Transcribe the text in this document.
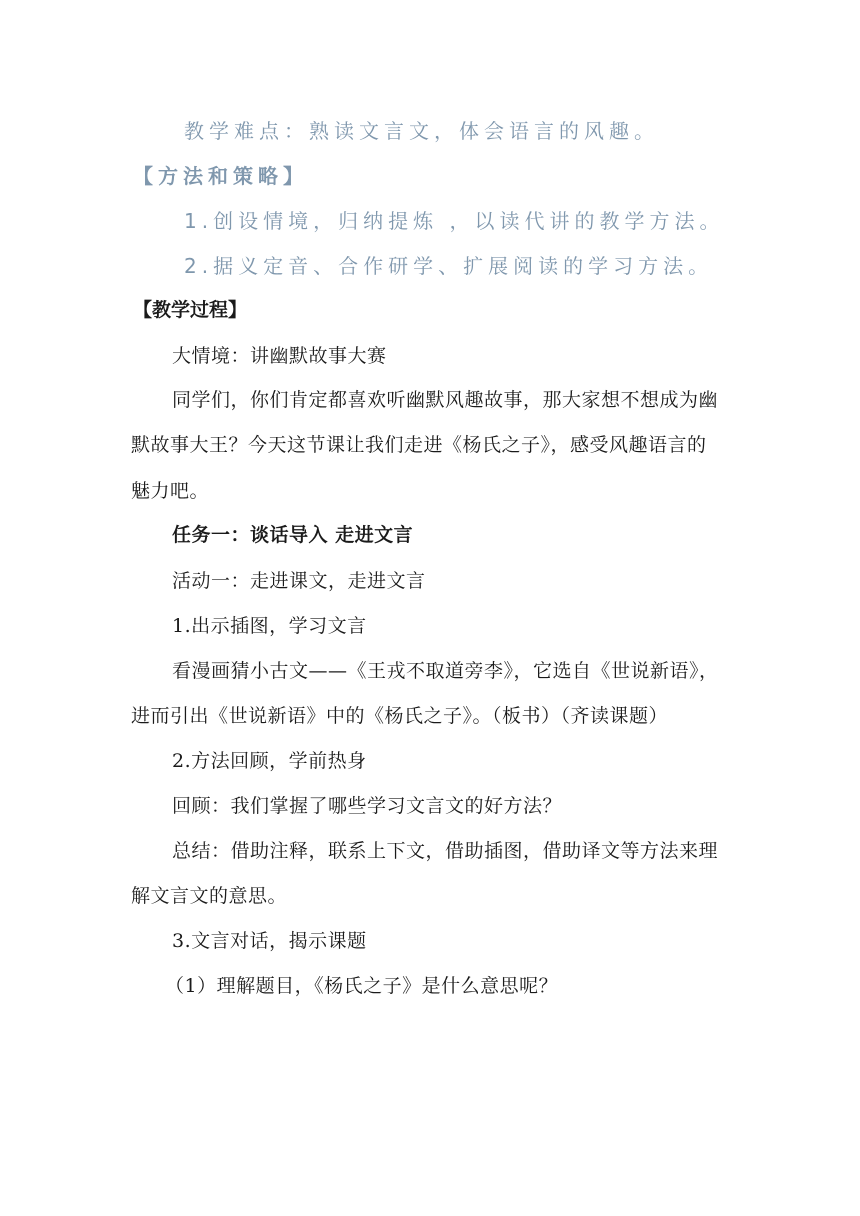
教学难点：熟读文言文，体会语言的风趣。

【方法和策略】

1.创设情境，归纳提炼 ，以读代讲的教学方法。

2.据义定音、合作研学、扩展阅读的学习方法。

【教学过程】

大情境：讲幽默故事大赛

同学们，你们肯定都喜欢听幽默风趣故事，那大家想不想成为幽

默故事大王？今天这节课让我们走进《杨氏之子》，感受风趣语言的

魅力吧。

任务一：谈话导入 走进文言

活动一：走进课文，走进文言

1.出示插图，学习文言

看漫画猜小古文——《王戎不取道旁李》，它选自《世说新语》，

进而引出《世说新语》中的《杨氏之子》。（板书）（齐读课题）

2.方法回顾，学前热身

回顾：我们掌握了哪些学习文言文的好方法？

总结：借助注释，联系上下文，借助插图，借助译文等方法来理

解文言文的意思。

3.文言对话，揭示课题

（1）理解题目，《杨氏之子》是什么意思呢？
